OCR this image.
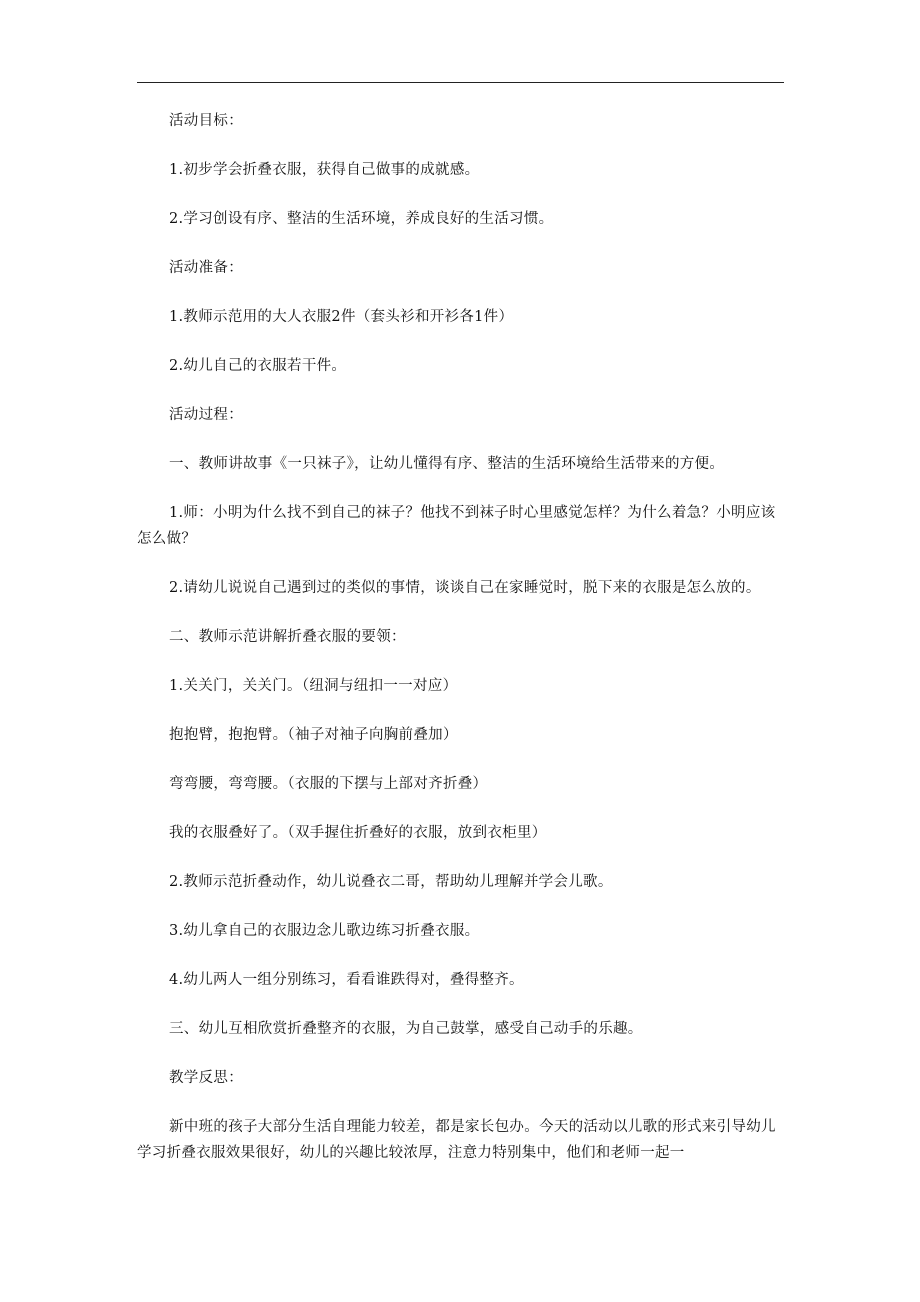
活动目标：

1.初步学会折叠衣服，获得自己做事的成就感。

2.学习创设有序、整洁的生活环境，养成良好的生活习惯。

活动准备：

1.教师示范用的大人衣服2件（套头衫和开衫各1件）

2.幼儿自己的衣服若干件。

活动过程：

一、教师讲故事《一只袜子》，让幼儿懂得有序、整洁的生活环境给生活带来的方便。

1.师：小明为什么找不到自己的袜子？他找不到袜子时心里感觉怎样？为什么着急？小明应该怎么做？

2.请幼儿说说自己遇到过的类似的事情，谈谈自己在家睡觉时，脱下来的衣服是怎么放的。

二、教师示范讲解折叠衣服的要领：

1.关关门，关关门。（纽洞与纽扣一一对应）

抱抱臂，抱抱臂。（袖子对袖子向胸前叠加）

弯弯腰，弯弯腰。（衣服的下摆与上部对齐折叠）

我的衣服叠好了。（双手握住折叠好的衣服，放到衣柜里）

2.教师示范折叠动作，幼儿说叠衣二哥，帮助幼儿理解并学会儿歌。

3.幼儿拿自己的衣服边念儿歌边练习折叠衣服。

4.幼儿两人一组分别练习，看看谁跌得对，叠得整齐。

三、幼儿互相欣赏折叠整齐的衣服，为自己鼓掌，感受自己动手的乐趣。

教学反思：

新中班的孩子大部分生活自理能力较差，都是家长包办。今天的活动以儿歌的形式来引导幼儿学习折叠衣服效果很好，幼儿的兴趣比较浓厚，注意力特别集中，他们和老师一起一
